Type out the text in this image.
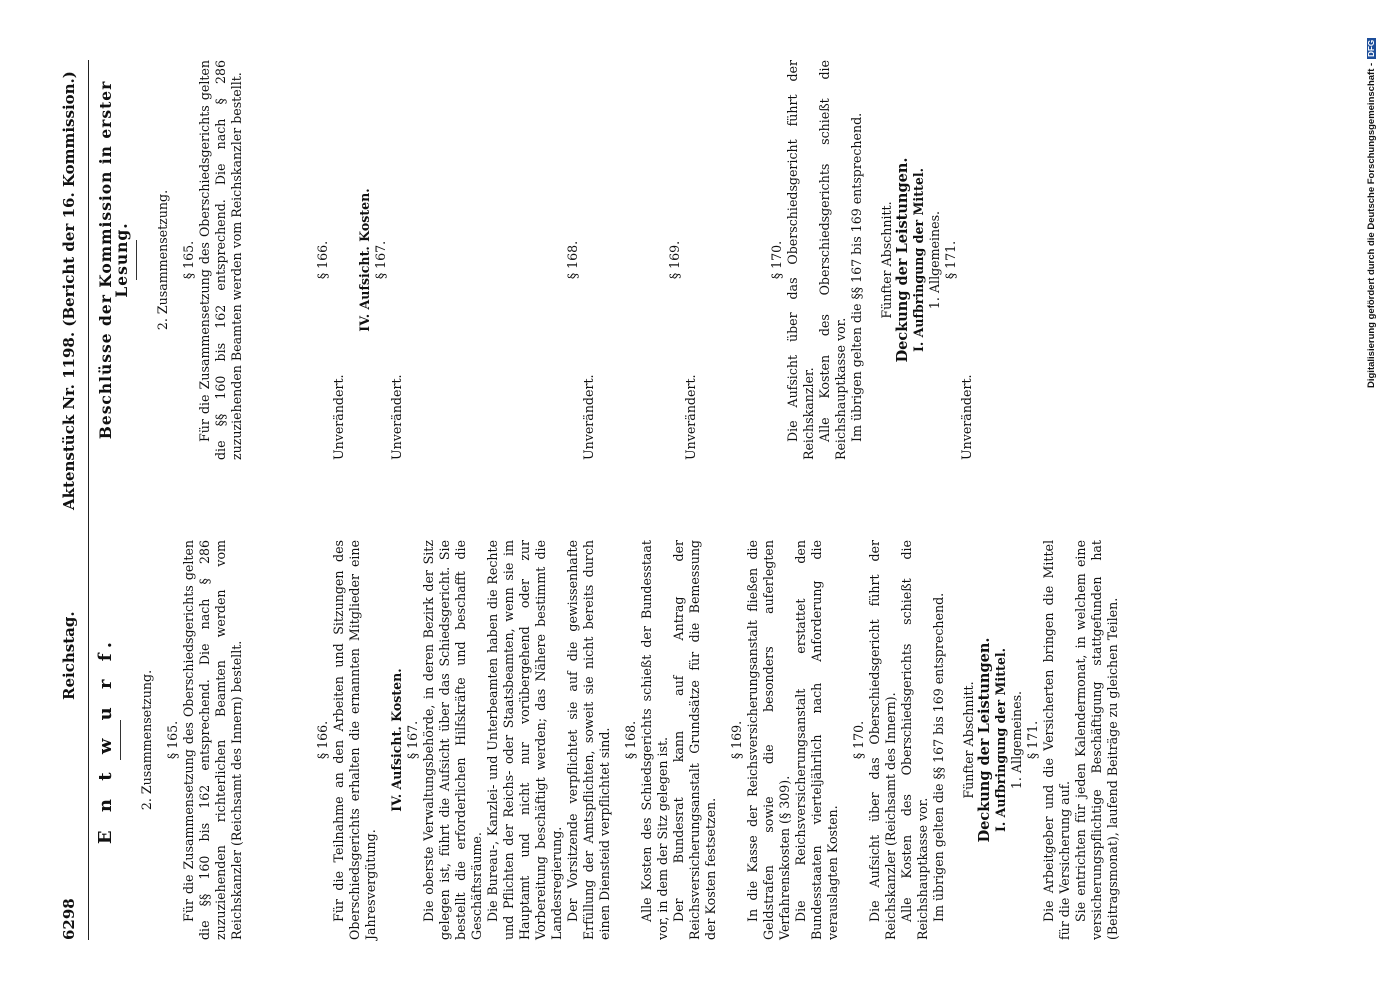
6298
Reichstag.
Aktenstück Nr. 1198. (Bericht der 16. Kommission.)
E n t w u r f. 2. Zusammensetzung. § 165. Für die Zusammensetzung des Oberschiedsgerichts gelten die §§ 160 bis 162 entsprechend. Die nach § 286 zuzuziehenden richterlichen Beamten werden vom Reichskanzler (Reichsamt des Innern) bestellt.	§ 166. Für die Teilnahme an den Arbeiten und Sitzungen des Oberschiedsgerichts erhalten die ernannten Mitglieder eine Jahresvergütung.

IV. Aufsicht. Kosten. § 167. Die oberste Verwaltungsbehörde, in deren Bezirk der Sitz gelegen ist, führt die Aufsicht über das Schiedsgericht. Sie bestellt die erforderlichen Hilfskräfte und beschafft die Geschäftsräume. Die Bureau-, Kanzlei- und Unterbeamten haben die Rechte und Pflichten der Reichs- oder Staatsbeamten, wenn sie im Hauptamt und nicht nur vorübergehend oder zur Vorbereitung beschäftigt werden; das Nähere bestimmt die Landesregierung. Der Vorsitzende verpflichtet sie auf die gewissenhafte Erfüllung der Amtspflichten, soweit sie nicht bereits durch einen Diensteid verpflichtet sind. § 168. Alle Kosten des Schiedsgerichts schießt der Bundesstaat vor, in dem der Sitz gelegen ist. Der Bundesrat kann auf Antrag der Reichsversicherungsanstalt Grundsätze für die Bemessung der Kosten festsetzen.

§ 169. In die Kasse der Reichsversicherungsanstalt fließen die Geldstrafen sowie die besonders auferlegten Verfahrenskosten (§ 309). Die Reichsversicherungsanstalt erstattet den Bundesstaaten vierteljährlich nach Anforderung die verauslagten Kosten.

§ 170. Die Aufsicht über das Oberschiedsgericht führt der Reichskanzler (Reichsamt des Innern). Alle Kosten des Oberschiedsgerichts schießt die Reichshauptkasse vor. Im übrigen gelten die §§ 167 bis 169 entsprechend. Fünfter Abschnitt. Deckung der Leistungen. I. Aufbringung der Mittel. 1. Allgemeines. § 171. Die Arbeitgeber und die Versicherten bringen die Mittel für die Versicherung auf. Sie entrichten für jeden Kalendermonat, in welchem eine versicherungspflichtige Beschäftigung stattgefunden hat (Beitragsmonat), laufend Beiträge zu gleichen Teilen.

Beschlüsse der Kommission in erster Lesung. 2. Zusammensetzung. § 165. Für die Zusammensetzung des Oberschiedsgerichts gelten die §§ 160 bis 162 entsprechend. Die nach § 286 zuzuziehenden Beamten werden vom Reichskanzler bestellt.	§ 166.

Unverändert.

IV. Aufsicht. Kosten. § 167.

Unverändert.

§ 168.

Unverändert.

§ 169.

Unverändert.

§ 170. Die Aufsicht über das Oberschiedsgericht führt der Reichskanzler. Alle Kosten des Oberschiedsgerichts schießt die Reichshauptkasse vor. Im übrigen gelten die §§ 167 bis 169 entsprechend. Fünfter Abschnitt. Deckung der Leistungen. I. Aufbringung der Mittel. 1. Allgemeines. § 171.

Unverändert.

Digitalisierung gefördert durch die Deutsche Forschungsgemeinschaft -DFG
